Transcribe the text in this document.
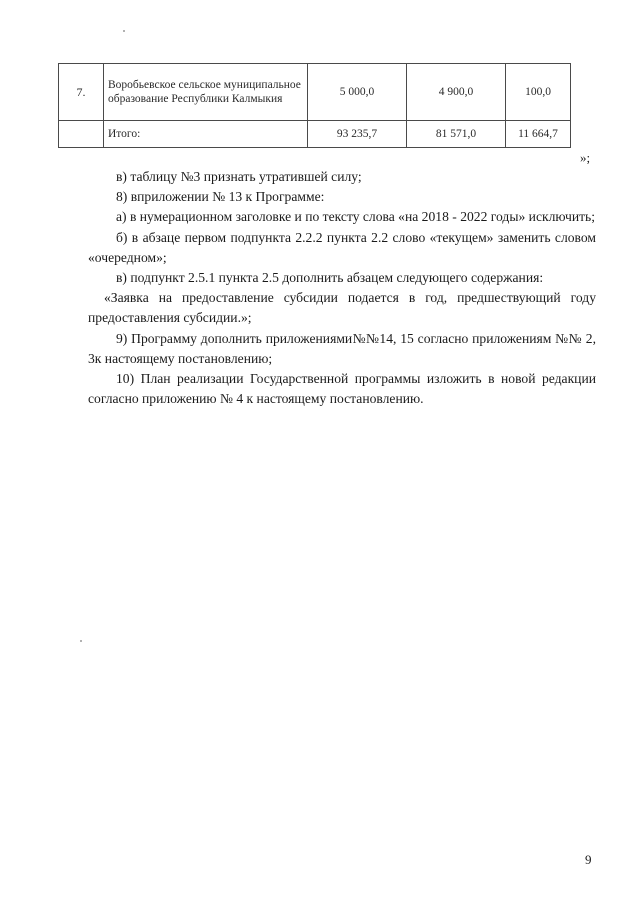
7.	Воробьевское сельское муниципальное образование Республики Калмыкия	5 000,0	4 900,0	100,0
	Итого:	93 235,7	81 571,0	11 664,7
»;

в) таблицу №3 признать утратившей силу;

8) вприложении № 13 к Программе:

а) в нумерационном заголовке и по тексту слова «на 2018 - 2022 годы» исключить;

б) в абзаце первом подпункта 2.2.2 пункта 2.2 слово «текущем» заменить словом «очередном»;

в) подпункт 2.5.1 пункта 2.5 дополнить абзацем следующего содержания:

«Заявка на предоставление субсидии подается в год, предшествующий году предоставления субсидии.»;

9) Программу дополнить приложениями№№14, 15 согласно приложениям №№ 2, 3к настоящему постановлению;

10) План реализации Государственной программы изложить в новой редакции согласно приложению № 4 к настоящему постановлению.

9
